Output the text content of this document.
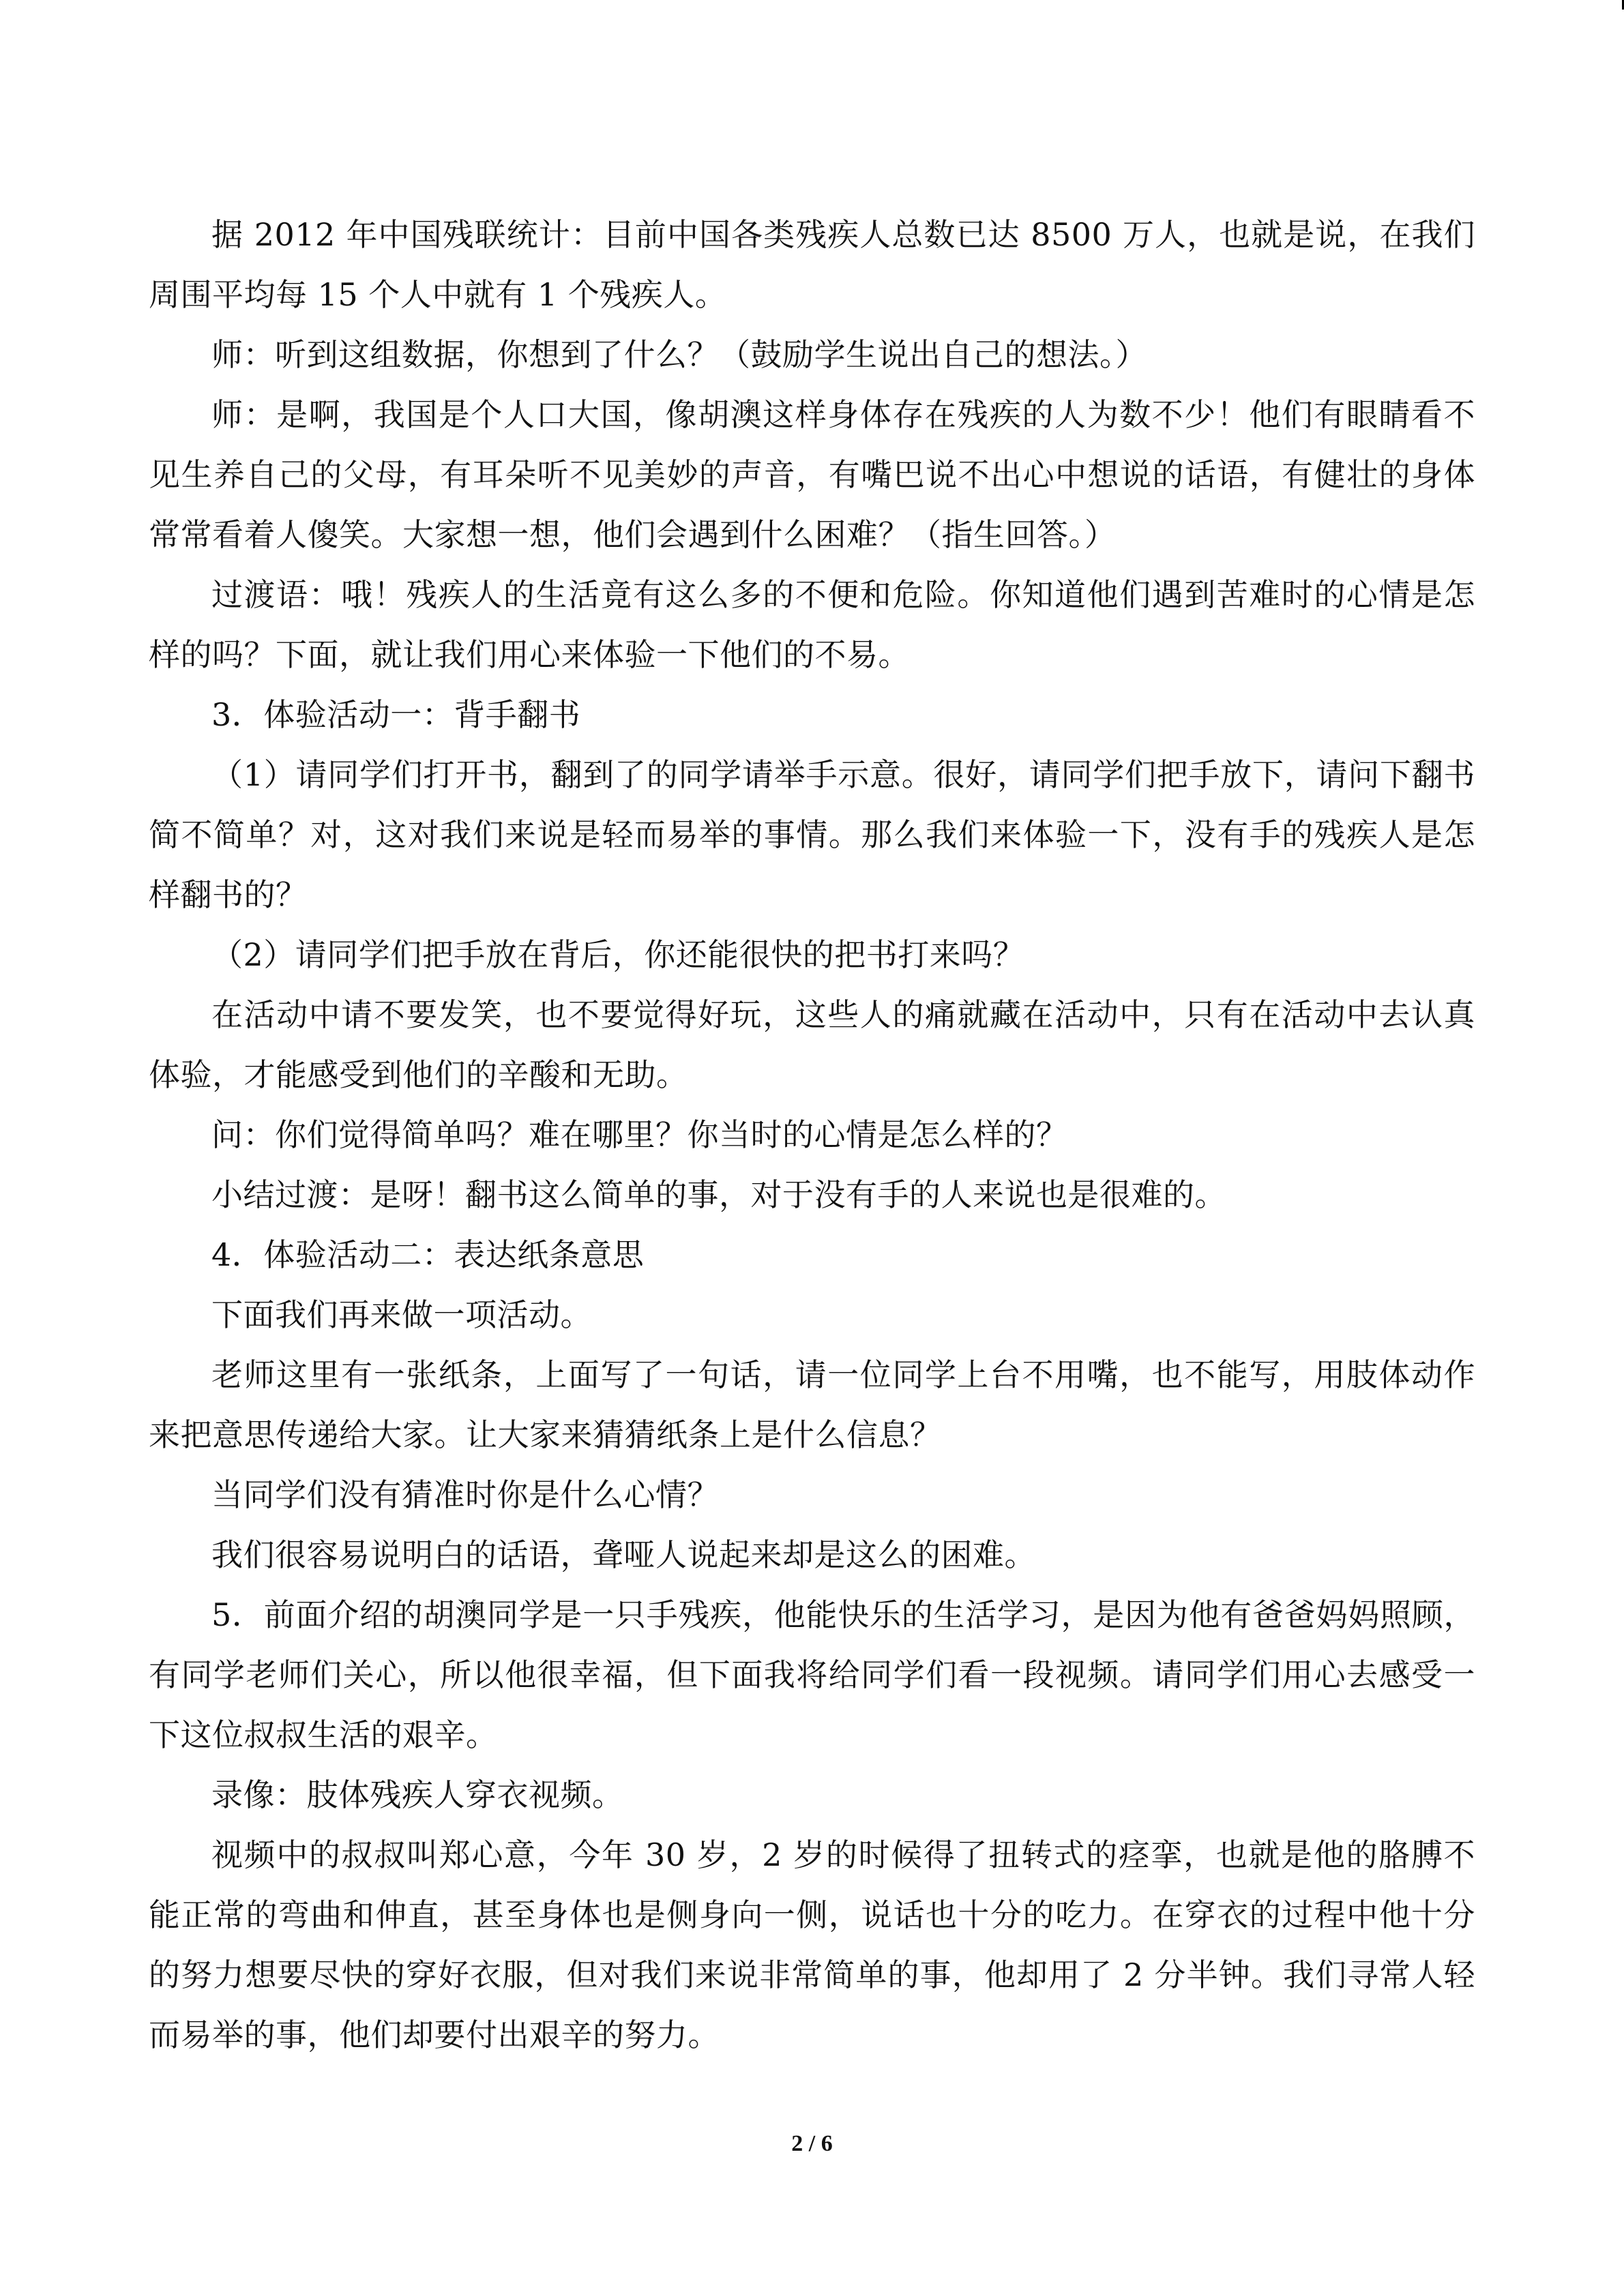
据 2012 年中国残联统计：目前中国各类残疾人总数已达 8500 万人，也就是说，在我们周围平均每 15 个人中就有 1 个残疾人。

师：听到这组数据，你想到了什么？（鼓励学生说出自己的想法。）

师：是啊，我国是个人口大国，像胡澳这样身体存在残疾的人为数不少！他们有眼睛看不见生养自己的父母，有耳朵听不见美妙的声音，有嘴巴说不出心中想说的话语，有健壮的身体常常看着人傻笑。大家想一想，他们会遇到什么困难？（指生回答。）

过渡语：哦！残疾人的生活竟有这么多的不便和危险。你知道他们遇到苦难时的心情是怎样的吗？下面，就让我们用心来体验一下他们的不易。

3．体验活动一：背手翻书

（1）请同学们打开书，翻到了的同学请举手示意。很好，请同学们把手放下，请问下翻书简不简单？对，这对我们来说是轻而易举的事情。那么我们来体验一下，没有手的残疾人是怎样翻书的？

（2）请同学们把手放在背后，你还能很快的把书打来吗？

在活动中请不要发笑，也不要觉得好玩，这些人的痛就藏在活动中，只有在活动中去认真体验，才能感受到他们的辛酸和无助。

问：你们觉得简单吗？难在哪里？你当时的心情是怎么样的？

小结过渡：是呀！翻书这么简单的事，对于没有手的人来说也是很难的。

4．体验活动二：表达纸条意思

下面我们再来做一项活动。

老师这里有一张纸条，上面写了一句话，请一位同学上台不用嘴，也不能写，用肢体动作来把意思传递给大家。让大家来猜猜纸条上是什么信息？

当同学们没有猜准时你是什么心情？

我们很容易说明白的话语，聋哑人说起来却是这么的困难。

5．前面介绍的胡澳同学是一只手残疾，他能快乐的生活学习，是因为他有爸爸妈妈照顾，有同学老师们关心，所以他很幸福，但下面我将给同学们看一段视频。请同学们用心去感受一下这位叔叔生活的艰辛。

录像：肢体残疾人穿衣视频。

视频中的叔叔叫郑心意，今年 30 岁，2 岁的时候得了扭转式的痉挛，也就是他的胳膊不能正常的弯曲和伸直，甚至身体也是侧身向一侧，说话也十分的吃力。在穿衣的过程中他十分的努力想要尽快的穿好衣服，但对我们来说非常简单的事，他却用了 2 分半钟。我们寻常人轻而易举的事，他们却要付出艰辛的努力。

2 / 6
